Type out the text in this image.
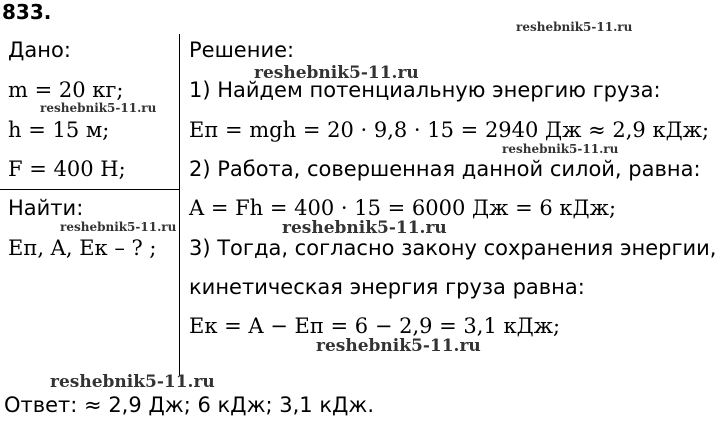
833.
Дано:
m = 20 кг;
h = 15 м;
F = 400 Н;
Найти:
Eп, A, Eк – ? ;
Решение:
1) Найдем потенциальную энергию груза:
Eп = mgh = 20 · 9,8 · 15 = 2940 Дж ≈ 2,9 кДж;
2) Работа, совершенная данной силой, равна:
A = Fh = 400 · 15 = 6000 Дж = 6 кДж;
3) Тогда, согласно закону сохранения энергии,
кинетическая энергия груза равна:
Eк = A − Eп = 6 − 2,9 = 3,1 кДж;
Ответ: ≈ 2,9 Дж; 6 кДж; 3,1 кДж.
reshebnik5-11.ru
reshebnik5-11.ru
reshebnik5-11.ru
reshebnik5-11.ru
reshebnik5-11.ru	reshebnik5-11.ru
reshebnik5-11.ru
reshebnik5-11.ru
